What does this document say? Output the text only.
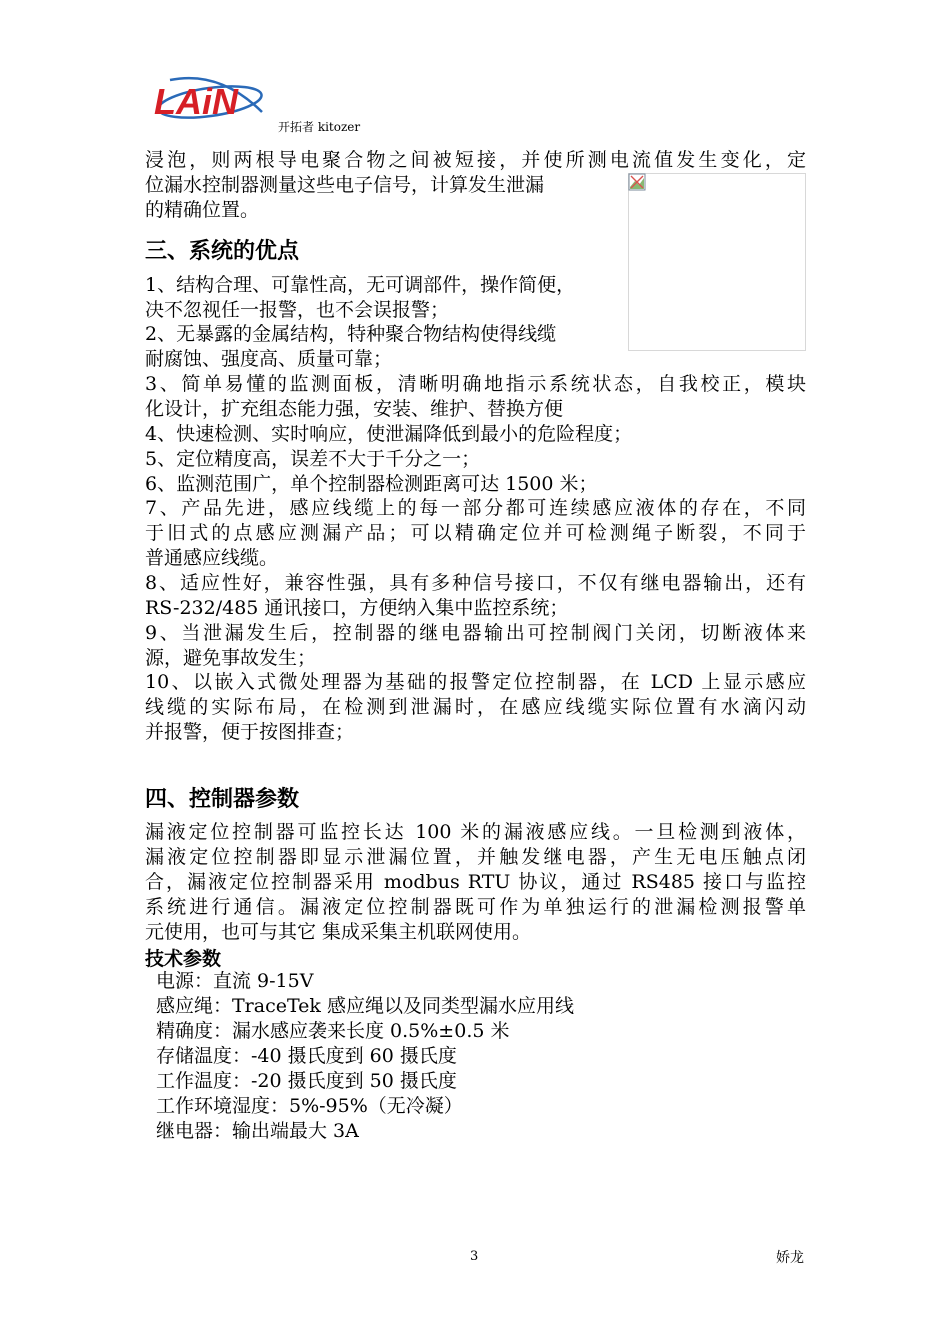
LAiN
开拓者 kitozer
浸泡，则两根导电聚合物之间被短接，并使所测电流值发生变化，定
位漏水控制器测量这些电子信号，计算发生泄漏
的精确位置。
三、系统的优点
1、结构合理、可靠性高，无可调部件，操作简便，
决不忽视任一报警，也不会误报警；
2、无暴露的金属结构，特种聚合物结构使得线缆
耐腐蚀、强度高、质量可靠；
3、简单易懂的监测面板，清晰明确地指示系统状态，自我校正，模块
化设计，扩充组态能力强，安装、维护、替换方便
4、快速检测、实时响应，使泄漏降低到最小的危险程度；
5、定位精度高，误差不大于千分之一；
6、监测范围广，单个控制器检测距离可达 1500 米；
7、产品先进，感应线缆上的每一部分都可连续感应液体的存在，不同
于旧式的点感应测漏产品；可以精确定位并可检测绳子断裂，不同于
普通感应线缆。
8、适应性好，兼容性强，具有多种信号接口，不仅有继电器输出，还有
RS-232/485 通讯接口，方便纳入集中监控系统；
9、当泄漏发生后，控制器的继电器输出可控制阀门关闭，切断液体来
源，避免事故发生；
10、以嵌入式微处理器为基础的报警定位控制器，在 LCD 上显示感应
线缆的实际布局，在检测到泄漏时，在感应线缆实际位置有水滴闪动
并报警，便于按图排查；
四、控制器参数
漏液定位控制器可监控长达 100 米的漏液感应线。一旦检测到液体，
漏液定位控制器即显示泄漏位置，并触发继电器，产生无电压触点闭
合，漏液定位控制器采用 modbus RTU 协议，通过 RS485 接口与监控
系统进行通信。漏液定位控制器既可作为单独运行的泄漏检测报警单
元使用，也可与其它 集成采集主机联网使用。
技术参数
电源：直流 9-15V
感应绳：TraceTek 感应绳以及同类型漏水应用线
精确度：漏水感应袭来长度 0.5%±0.5 米
存储温度：-40 摄氏度到 60 摄氏度
工作温度：-20 摄氏度到 50 摄氏度
工作环境湿度：5%-95%（无冷凝）
继电器：输出端最大 3A
3	娇龙
